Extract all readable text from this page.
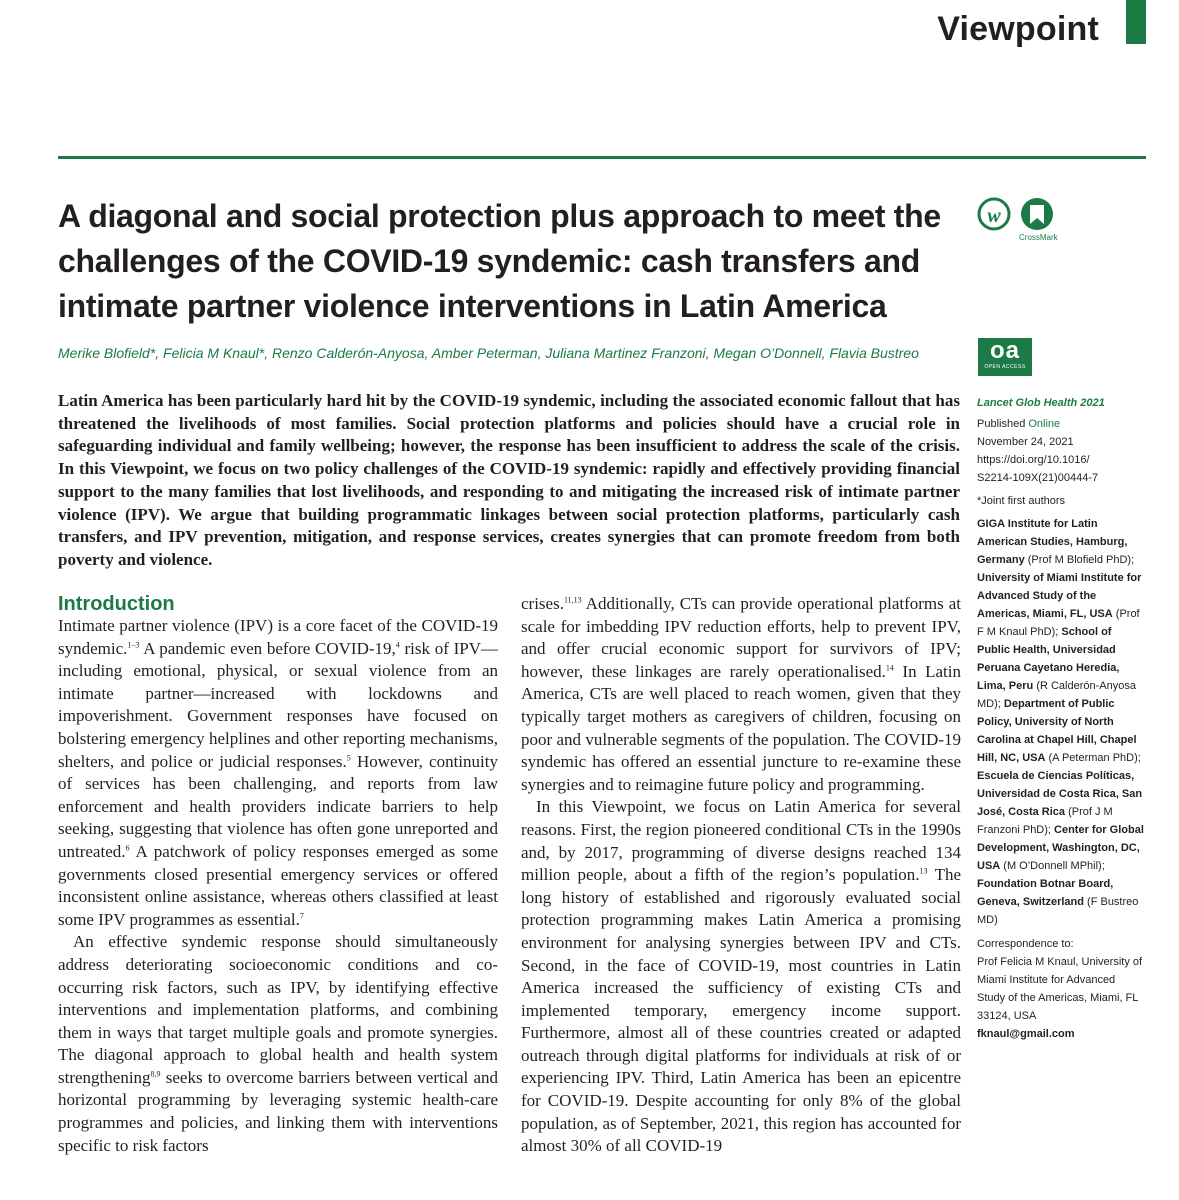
Viewpoint
A diagonal and social protection plus approach to meet the challenges of the COVID-19 syndemic: cash transfers and intimate partner violence interventions in Latin America

Merike Blofield*, Felicia M Knaul*, Renzo Calderón-Anyosa, Amber Peterman, Juliana Martinez Franzoni, Megan O’Donnell, Flavia Bustreo

w
CrossMark
oa
OPEN ACCESS

Latin America has been particularly hard hit by the COVID-19 syndemic, including the associated economic fallout that has threatened the livelihoods of most families. Social protection platforms and policies should have a crucial role in safeguarding individual and family wellbeing; however, the response has been insufficient to address the scale of the crisis. In this Viewpoint, we focus on two policy challenges of the COVID-19 syndemic: rapidly and effectively providing financial support to the many families that lost livelihoods, and responding to and mitigating the increased risk of intimate partner violence (IPV). We argue that building programmatic linkages between social protection platforms, particularly cash transfers, and IPV prevention, mitigation, and response services, creates synergies that can promote freedom from both poverty and violence.

Introduction

Intimate partner violence (IPV) is a core facet of the COVID-19 syndemic.$^{1-3}$ A pandemic even before COVID-19,$^4$ risk of IPV—including emotional, physical, or sexual violence from an intimate partner—increased with lockdowns and impoverishment. Government responses have focused on bolstering emergency helplines and other reporting mechanisms, shelters, and police or judicial responses.$^5$ However, continuity of services has been challenging, and reports from law enforcement and health providers indicate barriers to help seeking, suggesting that violence has often gone unreported and untreated.$^6$ A patchwork of policy responses emerged as some governments closed presential emergency services or offered inconsistent online assistance, whereas others classified at least some IPV programmes as essential.$^7$

An effective syndemic response should simultaneously address deteriorating socioeconomic conditions and co-occurring risk factors, such as IPV, by identifying effective interventions and implementation platforms, and combining them in ways that target multiple goals and promote synergies. The diagonal approach to global health and health system strengthening$^{8,9}$ seeks to overcome barriers between vertical and horizontal programming by leveraging systemic health-care programmes and policies, and linking them with interventions specific to risk factors

crises.$^{11,13}$ Additionally, CTs can provide operational platforms at scale for imbedding IPV reduction efforts, help to prevent IPV, and offer crucial economic support for survivors of IPV; however, these linkages are rarely operationalised.$^{14}$ In Latin America, CTs are well placed to reach women, given that they typically target mothers as caregivers of children, focusing on poor and vulnerable segments of the population. The COVID-19 syndemic has offered an essential juncture to re-examine these synergies and to reimagine future policy and programming.

In this Viewpoint, we focus on Latin America for several reasons. First, the region pioneered conditional CTs in the 1990s and, by 2017, programming of diverse designs reached 134 million people, about a fifth of the region’s population.$^{13}$ The long history of established and rigorously evaluated social protection programming makes Latin America a promising environment for analysing synergies between IPV and CTs. Second, in the face of COVID-19, most countries in Latin America increased the sufficiency of existing CTs and implemented temporary, emergency income support. Furthermore, almost all of these countries created or adapted outreach through digital platforms for individuals at risk of or experiencing IPV. Third, Latin America has been an epicentre for COVID-19. Despite accounting for only 8% of the global population, as of September, 2021, this region has accounted for almost 30% of all COVID-19

Lancet Glob Health 2021

Published Online

November 24, 2021

https://doi.org/10.1016/

S2214-109X(21)00444-7

*Joint first authors

GIGA Institute for Latin American Studies, Hamburg, Germany (Prof M Blofield PhD); University of Miami Institute for Advanced Study of the Americas, Miami, FL, USA (Prof F M Knaul PhD); School of Public Health, Universidad Peruana Cayetano Heredia, Lima, Peru (R Calderón-Anyosa MD); Department of Public Policy, University of North Carolina at Chapel Hill, Chapel Hill, NC, USA (A Peterman PhD); Escuela de Ciencias Políticas, Universidad de Costa Rica, San José, Costa Rica (Prof J M Franzoni PhD); Center for Global Development, Washington, DC, USA (M O’Donnell MPhil); Foundation Botnar Board, Geneva, Switzerland (F Bustreo MD)

Correspondence to:

Prof Felicia M Knaul, University of Miami Institute for Advanced Study of the Americas, Miami, FL 33124, USA

fknaul@gmail.com
